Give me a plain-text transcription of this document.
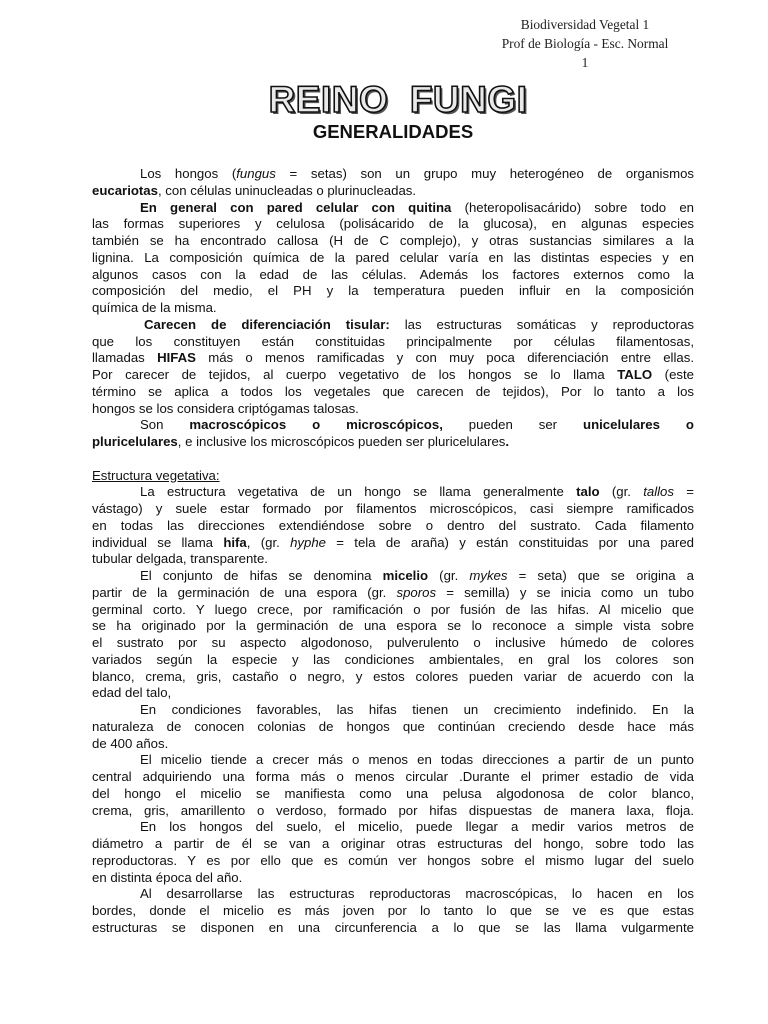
Biodiversidad Vegetal 1
Prof de Biología - Esc. Normal
1
REINO  FUNGI
GENERALIDADES
Los hongos (fungus = setas) son un grupo muy heterogéneo de organismos
eucariotas, con células uninucleadas o plurinucleadas.
En general con pared celular con quitina (heteropolisacárido) sobre todo en
las formas superiores y celulosa (polisácarido de la glucosa), en algunas especies
también se ha encontrado callosa (H de C complejo), y otras sustancias similares a la
lignina. La composición química de la pared celular varía en las distintas especies y en
algunos casos con la edad de las células. Además los factores externos como la
composición del medio, el PH y la temperatura pueden influir en la composición
química de la misma.
Carecen de diferenciación tisular: las estructuras somáticas y reproductoras
que los constituyen están constituidas principalmente por células filamentosas,
llamadas HIFAS más o menos ramificadas y con muy poca diferenciación entre ellas.
Por carecer de tejidos, al cuerpo vegetativo de los hongos se lo llama TALO (este
término se aplica a todos los vegetales que carecen de tejidos), Por lo tanto a los
hongos se los considera criptógamas talosas.
Son macroscópicos o microscópicos, pueden ser unicelulares o
pluricelulares, e inclusive los microscópicos pueden ser pluricelulares.
Estructura vegetativa:
La estructura vegetativa de un hongo se llama generalmente talo (gr. tallos =
vástago) y suele estar formado por filamentos microscópicos, casi siempre ramificados
en todas las direcciones extendiéndose sobre o dentro del sustrato. Cada filamento
individual se llama hifa, (gr. hyphe = tela de araña) y están constituidas por una pared
tubular delgada, transparente.
El conjunto de hifas se denomina micelio (gr. mykes = seta) que se origina a
partir de la germinación de una espora (gr. sporos = semilla) y se inicia como un tubo
germinal corto. Y luego crece, por ramificación o por fusión de las hifas. Al micelio que
se ha originado por la germinación de una espora se lo reconoce a simple vista sobre
el sustrato por su aspecto algodonoso, pulverulento o inclusive húmedo de colores
variados según la especie y las condiciones ambientales, en gral los colores son
blanco, crema, gris, castaño o negro, y estos colores pueden variar de acuerdo con la
edad del talo,
En condiciones favorables, las hifas tienen un crecimiento indefinido. En la
naturaleza de conocen colonias de hongos que continúan creciendo desde hace más
de 400 años.
El micelio tiende a crecer más o menos en todas direcciones a partir de un punto
central adquiriendo una forma más o menos circular .Durante el primer estadio de vida
del hongo el micelio se manifiesta como una pelusa algodonosa de color blanco,
crema, gris, amarillento o verdoso, formado por hifas dispuestas de manera laxa, floja.
En los hongos del suelo, el micelio, puede llegar a medir varios metros de
diámetro a partir de él se van a originar otras estructuras del hongo, sobre todo las
reproductoras. Y es por ello que es común ver hongos sobre el mismo lugar del suelo
en distinta época del año.
Al desarrollarse las estructuras reproductoras macroscópicas, lo hacen en los
bordes, donde el micelio es más joven por lo tanto lo que se ve es que estas
estructuras se disponen en una circunferencia a lo que se las llama vulgarmente
